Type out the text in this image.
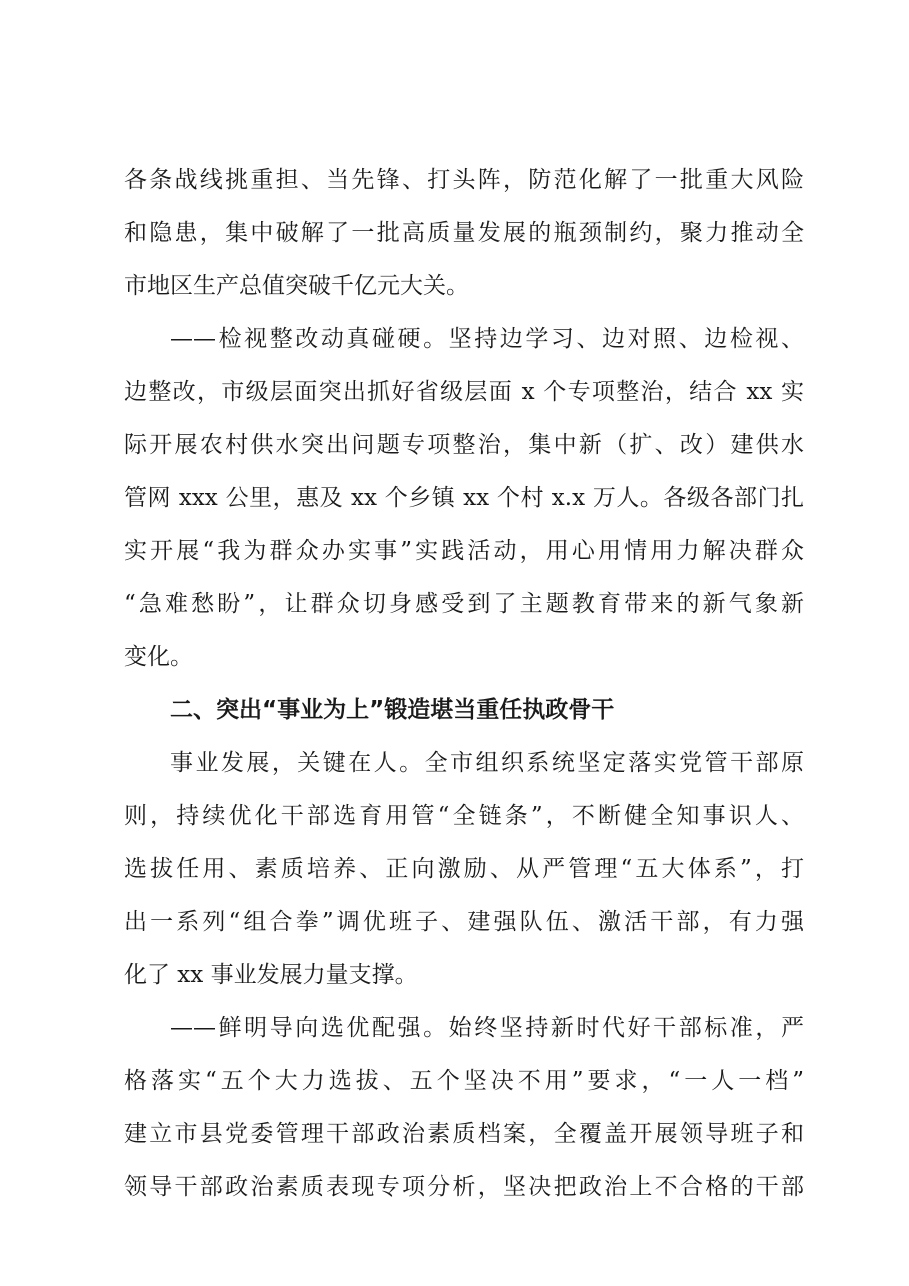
各条战线挑重担、当先锋、打头阵，防范化解了一批重大风险
和隐患，集中破解了一批高质量发展的瓶颈制约，聚力推动全
市地区生产总值突破千亿元大关。
——检视整改动真碰硬。坚持边学习、边对照、边检视、
边整改，市级层面突出抓好省级层面 x 个专项整治，结合 xx 实
际开展农村供水突出问题专项整治，集中新（扩、改）建供水
管网 xxx 公里，惠及 xx 个乡镇 xx 个村 x.x 万人。各级各部门扎
实开展“我为群众办实事”实践活动，用心用情用力解决群众
“急难愁盼”，让群众切身感受到了主题教育带来的新气象新
变化。
二、突出“事业为上”锻造堪当重任执政骨干
事业发展，关键在人。全市组织系统坚定落实党管干部原
则，持续优化干部选育用管“全链条”，不断健全知事识人、
选拔任用、素质培养、正向激励、从严管理“五大体系”，打
出一系列“组合拳”调优班子、建强队伍、激活干部，有力强
化了 xx 事业发展力量支撑。
——鲜明导向选优配强。始终坚持新时代好干部标准，严
格落实“五个大力选拔、五个坚决不用”要求，“一人一档”
建立市县党委管理干部政治素质档案，全覆盖开展领导班子和
领导干部政治素质表现专项分析，坚决把政治上不合格的干部
